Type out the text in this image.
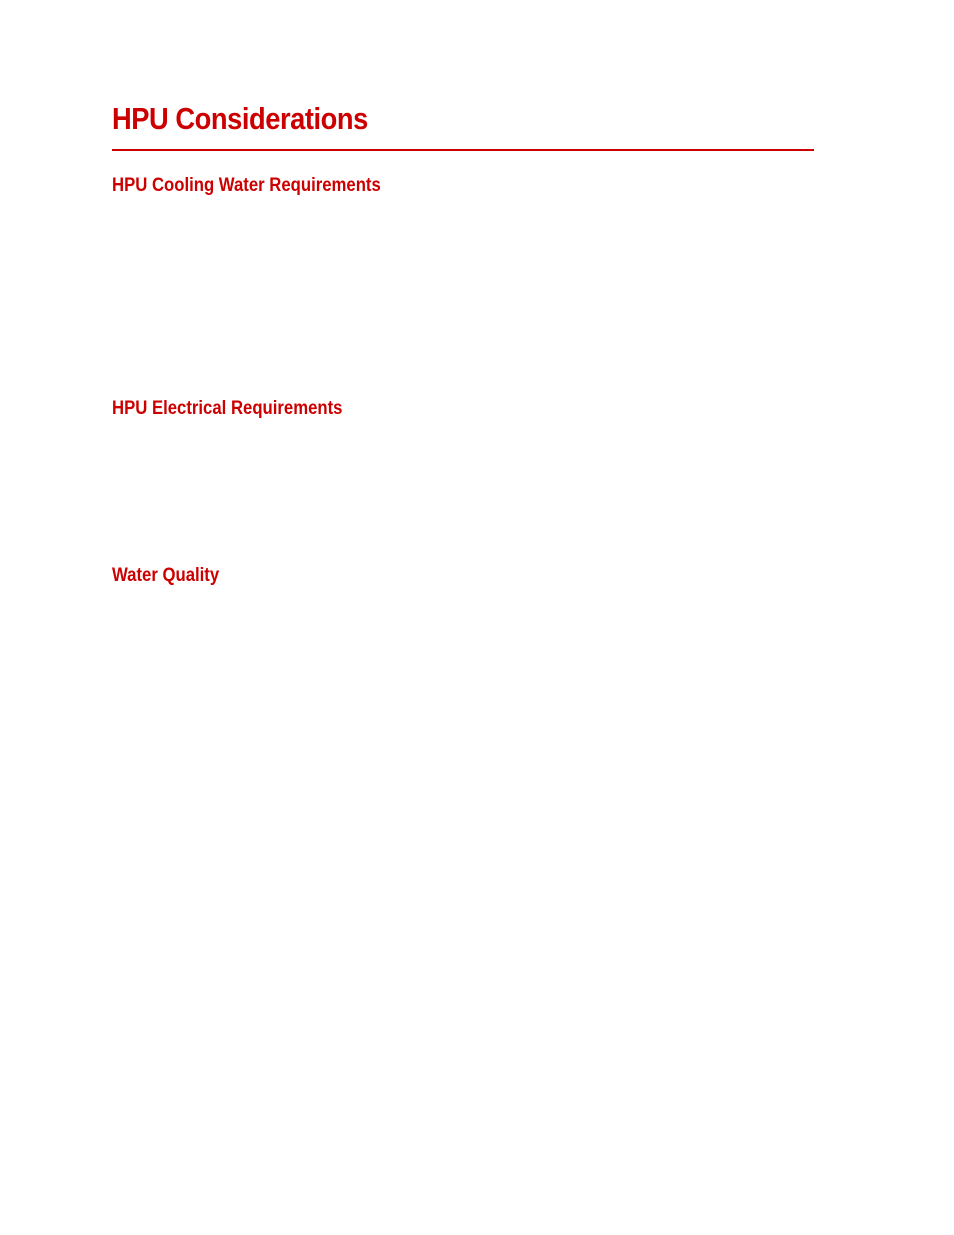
HPU Considerations
HPU Cooling Water Requirements
HPU Electrical Requirements
Water Quality
